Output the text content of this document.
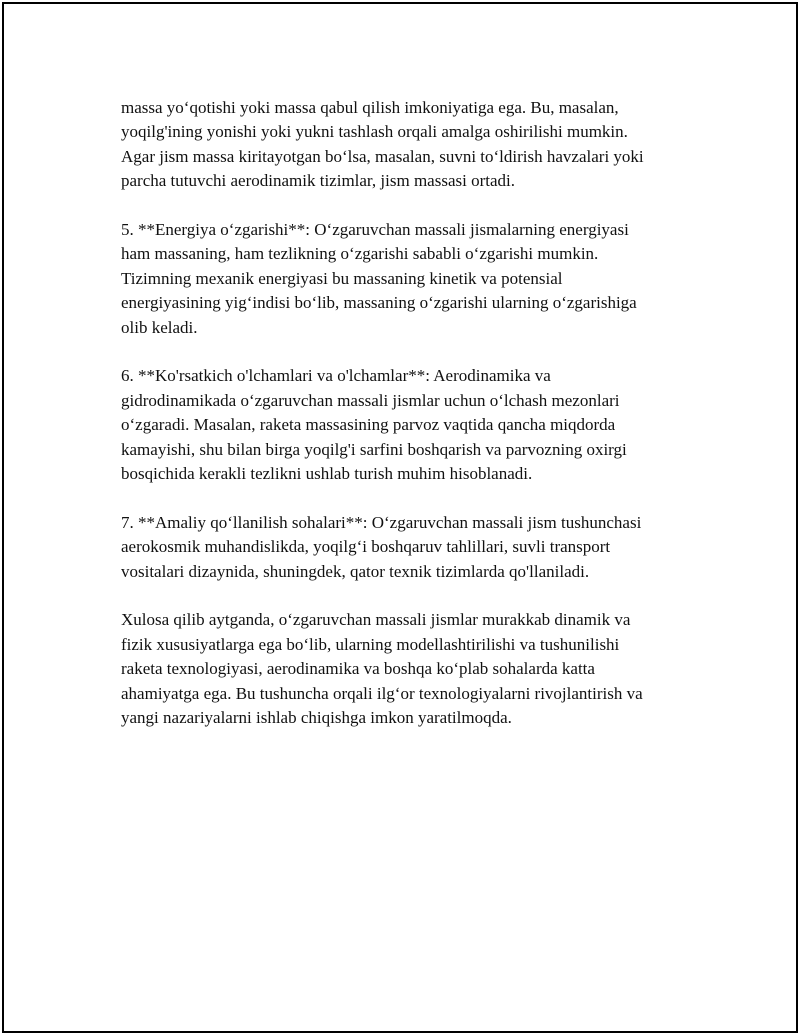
massa yo‘qotishi yoki massa qabul qilish imkoniyatiga ega. Bu, masalan,
yoqilg'ining yonishi yoki yukni tashlash orqali amalga oshirilishi mumkin.
Agar jism massa kiritayotgan bo‘lsa, masalan, suvni to‘ldirish havzalari yoki
parcha tutuvchi aerodinamik tizimlar, jism massasi ortadi.

5. **Energiya o‘zgarishi**: O‘zgaruvchan massali jismalarning energiyasi
ham massaning, ham tezlikning o‘zgarishi sababli o‘zgarishi mumkin.
Tizimning mexanik energiyasi bu massaning kinetik va potensial
energiyasining yig‘indisi bo‘lib, massaning o‘zgarishi ularning o‘zgarishiga
olib keladi.

6. **Ko'rsatkich o'lchamlari va o'lchamlar**: Aerodinamika va
gidrodinamikada o‘zgaruvchan massali jismlar uchun o‘lchash mezonlari
o‘zgaradi. Masalan, raketa massasining parvoz vaqtida qancha miqdorda
kamayishi, shu bilan birga yoqilg'i sarfini boshqarish va parvozning oxirgi
bosqichida kerakli tezlikni ushlab turish muhim hisoblanadi.

7. **Amaliy qo‘llanilish sohalari**: O‘zgaruvchan massali jism tushunchasi
aerokosmik muhandislikda, yoqilg‘i boshqaruv tahlillari, suvli transport
vositalari dizaynida, shuningdek, qator texnik tizimlarda qo'llaniladi.

Xulosa qilib aytganda, o‘zgaruvchan massali jismlar murakkab dinamik va
fizik xususiyatlarga ega bo‘lib, ularning modellashtirilishi va tushunilishi
raketa texnologiyasi, aerodinamika va boshqa ko‘plab sohalarda katta
ahamiyatga ega. Bu tushuncha orqali ilg‘or texnologiyalarni rivojlantirish va
yangi nazariyalarni ishlab chiqishga imkon yaratilmoqda.
